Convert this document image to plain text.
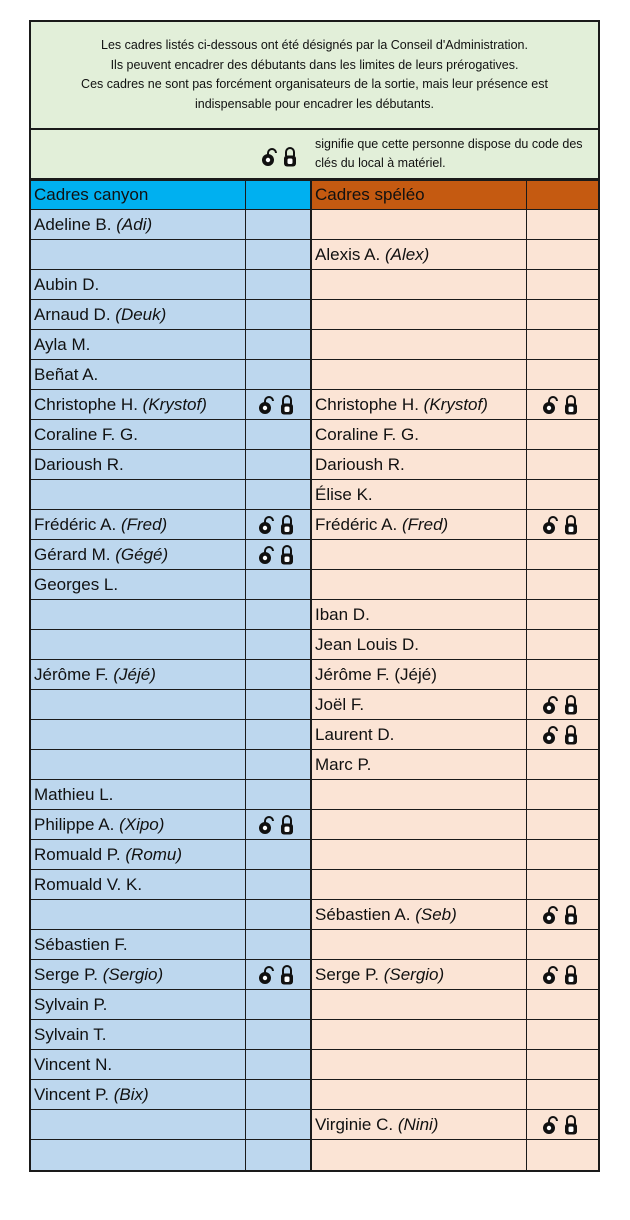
Les cadres listés ci-dessous ont été désignés par la Conseil d'Administration.
Ils peuvent encadrer des débutants dans les limites de leurs prérogatives.
Ces cadres ne sont pas forcément organisateurs de la sortie, mais leur présence est
indispensable pour encadrer les débutants.
signifie que cette personne dispose du code des clés du local à matériel.
Cadres canyon		Cadres spéléo	
Adeline B. (Adi)			
		Alexis A. (Alex)	
Aubin D.			
Arnaud D. (Deuk)			
Ayla M.			
Beñat A.			
Christophe H. (Krystof)		Christophe H. (Krystof)	
Coraline F. G.		Coraline F. G.	
Darioush R.		Darioush R.	
		Élise K.	
Frédéric A. (Fred)		Frédéric A. (Fred)	
Gérard M. (Gégé)			
Georges L.			
		Iban D.	
		Jean Louis D.	
Jérôme F. (Jéjé)		Jérôme F. (Jéjé)	
		Joël F.	
		Laurent D.	
		Marc P.	
Mathieu L.			
Philippe A. (Xipo)			
Romuald P. (Romu)			
Romuald V. K.			
		Sébastien A. (Seb)	
Sébastien F.			
Serge P. (Sergio)		Serge P. (Sergio)	
Sylvain P.			
Sylvain T.			
Vincent N.			
Vincent P. (Bix)			
		Virginie C. (Nini)	
